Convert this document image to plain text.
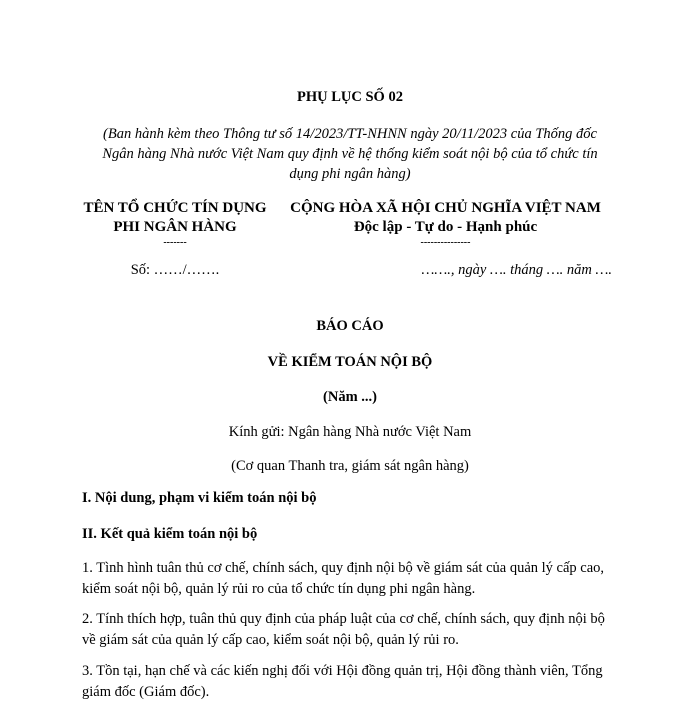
PHỤ LỤC SỐ 02
(Ban hành kèm theo Thông tư số 14/2023/TT-NHNN ngày 20/11/2023 của Thống đốc Ngân hàng Nhà nước Việt Nam quy định về hệ thống kiểm soát nội bộ của tổ chức tín dụng phi ngân hàng)
TÊN TỔ CHỨC TÍN DỤNG
PHI NGÂN HÀNG
-------
CỘNG HÒA XÃ HỘI CHỦ NGHĨA VIỆT NAM
Độc lập - Tự do - Hạnh phúc
---------------
Số: ……/…….	……., ngày …. tháng …. năm ….
BÁO CÁO
VỀ KIỂM TOÁN NỘI BỘ
(Năm ...)
Kính gửi: Ngân hàng Nhà nước Việt Nam
(Cơ quan Thanh tra, giám sát ngân hàng)
I. Nội dung, phạm vi kiểm toán nội bộ
II. Kết quả kiểm toán nội bộ
1. Tình hình tuân thủ cơ chế, chính sách, quy định nội bộ về giám sát của quản lý cấp cao, kiểm soát nội bộ, quản lý rủi ro của tổ chức tín dụng phi ngân hàng.
2. Tính thích hợp, tuân thủ quy định của pháp luật của cơ chế, chính sách, quy định nội bộ về giám sát của quản lý cấp cao, kiểm soát nội bộ, quản lý rủi ro.
3. Tồn tại, hạn chế và các kiến nghị đối với Hội đồng quản trị, Hội đồng thành viên, Tổng giám đốc (Giám đốc).
